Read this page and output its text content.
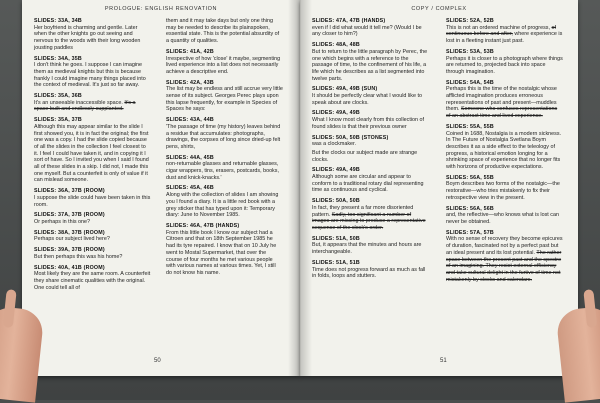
PROLOGUE: ENGLISH RENOVATION
SLIDES: 33A, 34B
Her boyfriend is charming and gentle. Later when the other knights go out seeing and nervous to the woods with their long wooden jousting paddles
SLIDES: 34A, 35B
I don't think he goes. I suppose I can imagine them as medieval knights but this is because frankly I could imagine many things placed into the context of medieval. It's just so far away.
SLIDES: 35A, 36B
It's an unseeable inaccessible space. It's a space built and endlessly supplanted.
SLIDES: 35A, 37B
Although this may appear similar to the slide I first showed you, it is in fact the original; the first one was a copy. I had the slide copied because of all the slides in the collection I feel closest to it. I feel I could have taken it, and in copying it I sort of have. So I invited you when I said I found all of these slides in a skip. I did not, I made this one myself. But a counterfeit is only of value if it can mislead someone.
SLIDES: 36A, 37B (ROOM)
I suppose the slide could have been taken in this room.
SLIDES: 37A, 37B (ROOM)
Or perhaps in this one?
SLIDES: 38A, 37B (ROOM)
Perhaps our subject lived here?
SLIDES: 39A, 37B (ROOM)
But then perhaps this was his home?
SLIDES: 40A, 41B (ROOM)
Most likely they are the same room. A counterfeit they share cinematic qualities with the original. One could tell all of
them and it may take days but only one thing may be needed to describe its plainspoken, essential state. This is the potential absurdity of a quantity of qualities.
SLIDES: 41A, 42B
Irrespective of how 'close' it maybe, segmenting lived experience into a list does not necessarily achieve a descriptive end.
SLIDES: 42A, 43B
The list may be endless and still accrue very little sense of its subject. Georges Perec plays upon this lapse frequently, for example in Species of Spaces he says:
SLIDES: 43A, 44B
'The passage of time (my history) leaves behind a residue that accumulates: photographs, drawings, the corpses of long since dried-up felt pens, shirts,
SLIDES: 44A, 45B
non-returnable glasses and returnable glasses, cigar wrappers, tins, erasers, postcards, books, dust and knick-knacks.'
SLIDES: 45A, 46B
Along with the collection of slides I am showing you I found a diary. It is a little red book with a grey sticker that has typed upon it: Temporary diary: June to November 1985.
SLIDES: 46A, 47B (HANDS)
From this little book I know our subject had a Citroen and that on 18th September 1985 he had its tyre repaired. I know that on 10 July he went to Mostal Supermarket, that over the course of four months he met various people with various names at various times. Yet, I still do not know his name.
50
COPY / COMPLEX
SLIDES: 47A, 47B (HANDS)
even if I did what would it tell me? (Would I be any closer to him?)
SLIDES: 48A, 48B
But to return to the little paragraph by Perec, the one which begins with a reference to the passage of time, to the confinement of his life, a life which he describes as a list segmented into twelve parts.
SLIDES: 49A, 49B (SUN)
It should be perfectly clear what I would like to speak about are clocks.
SLIDES: 49A, 49B
What I know most clearly from this collection of found slides is that their previous owner
SLIDES: 50A, 50B (STONES)
was a clockmaker.
But the clocks our subject made are strange clocks.
SLIDES: 49A, 49B
Although some are circular and appear to conform to a traditional rotary dial representing time as continuous and cyclical.
SLIDES: 50A, 50B
In fact, they present a far more disoriented pattern. Sadly, too significant a number of images are missing to produce a representative sequence of the clock's order.
SLIDES: 51A, 50B
But, it appears that the minutes and hours are interchangeable.
SLIDES: 51A, 51B
Time does not progress forward as much as fall in folds, loops and stutters.
SLIDES: 52A, 52B
This is not an ordered machine of progress, of continuous before and after, where experience is lost in a fleeting instant just past.
SLIDES: 53A, 53B
Perhaps it is closer to a photograph where things are returned to, projected back into space through imagination.
SLIDES: 54A, 54B
Perhaps this is the time of the nostalgic whose afflicted imagination produces erroneous representations of past and present—muddles them. Someone who confuses representations of an abstract time and lived experience.
SLIDES: 55A, 55B
Coined in 1688, Nostalgia is a modern sickness. In The Future of Nostalgia Svetlana Boym describes it as a side effect to the teleology of progress, a historical emotion longing for a shrinking space of experience that no longer fits with horizons of productive expectations.
SLIDES: 56A, 55B
Boym describes two forms of the nostalgic—the restorative—who tries mistakenly to fix their retrospective view in the present.
SLIDES: 56A, 56B
and, the reflective—who knows what is lost can never be obtained.
SLIDES: 57A, 57B
With no sense of recovery they become epicures of duration, fascinated not by a perfect past but an ideal present and its lost potential. The rather space between the present past and the spectre of an imagining. They resist external efficiency and take cultural delight in the furtive of time not mistakenly by clocks and calendars.
51
